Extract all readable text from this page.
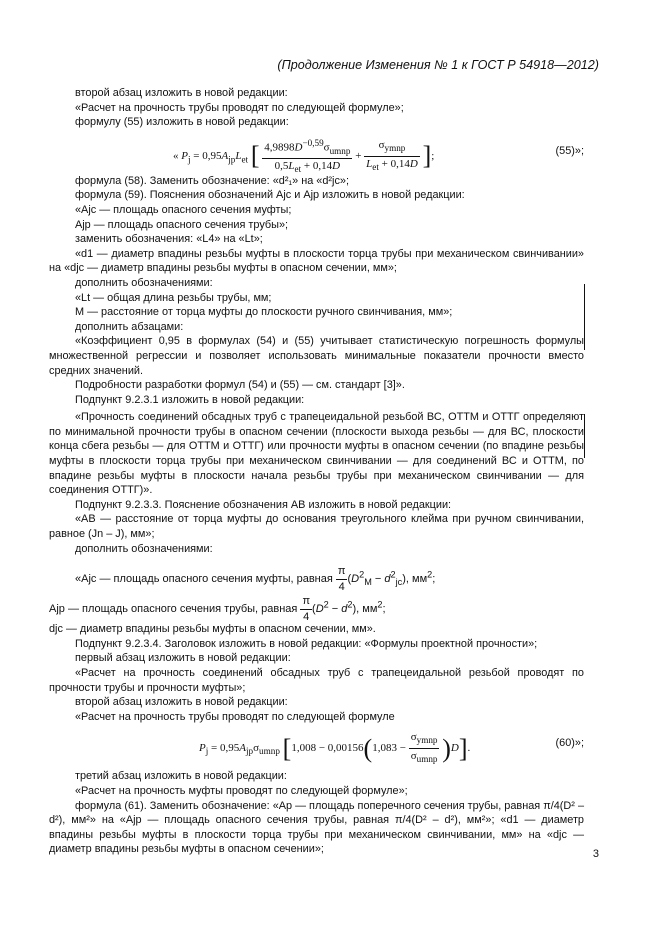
(Продолжение Изменения № 1 к ГОСТ Р 54918—2012)

второй абзац изложить в новой редакции:

«Расчет на прочность трубы проводят по следующей формуле»;

формулу (55) изложить в новой редакции:

« $P_j = 0,95A_{jp}L_{et}$ [ $\frac{4,9898D^{-0,59}\sigma_{umnp}}{0,5L_{et} + 0,14D} + \frac{\sigma_{ymnp}}{L_{et} + 0,14D}$ ];	(55)»;

формула (58). Заменить обозначение: «d²₁» на «d²jc»;

формула (59). Пояснения обозначений Ajc и Ajp изложить в новой редакции:

«Ajc — площадь опасного сечения муфты;

Ajp — площадь опасного сечения трубы»;

заменить обозначения: «L4» на «Lt»;

«d1 — диаметр впадины резьбы муфты в плоскости торца трубы при механическом свинчивании» на «djc — диаметр впадины резьбы муфты в опасном сечении, мм»;

дополнить обозначениями:

«Lt — общая длина резьбы трубы, мм;

M — расстояние от торца муфты до плоскости ручного свинчивания, мм»;

дополнить абзацами:

«Коэффициент 0,95 в формулах (54) и (55) учитывает статистическую погрешность формулы множественной регрессии и позволяет использовать минимальные показатели прочности вместо средних значений.

Подробности разработки формул (54) и (55) — см. стандарт [3]».

Подпункт 9.2.3.1 изложить в новой редакции:

«Прочность соединений обсадных труб с трапецеидальной резьбой ВС, ОТТМ и ОТТГ определяют по минимальной прочности трубы в опасном сечении (плоскости выхода резьбы — для ВС, плоскости конца сбега резьбы — для ОТТМ и ОТТГ) или прочности муфты в опасном сечении (по впадине резьбы муфты в плоскости торца трубы при механическом свинчивании — для соединений ВС и ОТТМ, по впадине резьбы муфты в плоскости начала резьбы трубы при механическом свинчивании — для соединения ОТТГ)».

Подпункт 9.2.3.3. Пояснение обозначения AB изложить в новой редакции:

«AB — расстояние от торца муфты до основания треугольного клейма при ручном свинчивании, равное (Jn – J), мм»;

дополнить обозначениями:

«Ajc — площадь опасного сечения муфты, равная $\frac{\pi}{4} (D^2_M - d^2_{jc})$, $мм^2$;
Ajp — площадь опасного сечения трубы, равная $\frac{\pi}{4} (D^2 - d^2)$, $мм^2$;

djc — диаметр впадины резьбы муфты в опасном сечении, мм».

Подпункт 9.2.3.4. Заголовок изложить в новой редакции: «Формулы проектной прочности»;

первый абзац изложить в новой редакции:

«Расчет на прочность соединений обсадных труб с трапецеидальной резьбой проводят по прочности трубы и прочности муфты»;

второй абзац изложить в новой редакции:

«Расчет на прочность трубы проводят по следующей формуле

$P_j = 0,95A_{jp}\sigma_{umnp}$ $[1,008 - 0,00156(1,083 - \frac{\sigma_{ymnp}}{\sigma_{umnp}} )D]$.	(60)»;

третий абзац изложить в новой редакции:

«Расчет на прочность муфты проводят по следующей формуле»;

формула (61). Заменить обозначение: «Ap — площадь поперечного сечения трубы, равная π/4(D² – d²), мм²» на «Ajp — площадь опасного сечения трубы, равная π/4(D² – d²), мм²»; «d1 — диаметр впадины резьбы муфты в плоскости торца трубы при механическом свинчивании, мм» на «djc — диаметр впадины резьбы муфты в опасном сечении»;	3
